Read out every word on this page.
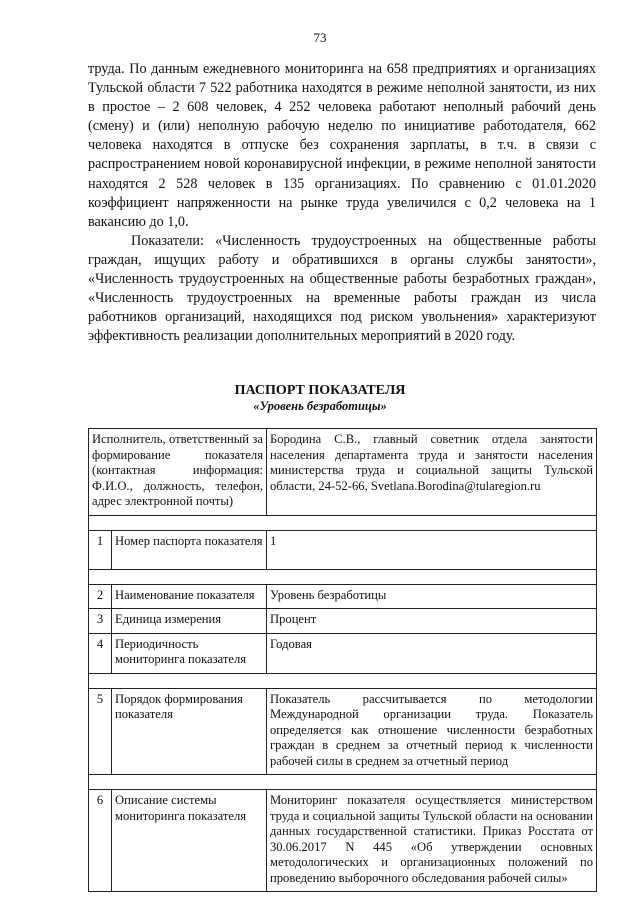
73

труда. По данным ежедневного мониторинга на 658 предприятиях и организациях Тульской области 7 522 работника находятся в режиме неполной занятости, из них в простое – 2 608 человек, 4 252 человека работают неполный рабочий день (смену) и (или) неполную рабочую неделю по инициативе работодателя, 662 человека находятся в отпуске без сохранения зарплаты, в т.ч. в связи с распространением новой коронавирусной инфекции, в режиме неполной занятости находятся 2 528 человек в 135 организациях. По сравнению с 01.01.2020 коэффициент напряженности на рынке труда увеличился с 0,2 человека на 1 вакансию до 1,0.

Показатели: «Численность трудоустроенных на общественные работы граждан, ищущих работу и обратившихся в органы службы занятости», «Численность трудоустроенных на общественные работы безработных граждан», «Численность трудоустроенных на временные работы граждан из числа работников организаций, находящихся под риском увольнения» характеризуют эффективность реализации дополнительных мероприятий в 2020 году.

ПАСПОРТ ПОКАЗАТЕЛЯ
«Уровень безработицы»
Исполнитель, ответственный за формирование показателя (контактная информация: Ф.И.О., должность, телефон, адрес электронной почты)		Бородина С.В., главный советник отдела занятости населения департамента труда и занятости населения министерства труда и социальной защиты Тульской области, 24-52-66, Svetlana.Borodina@tularegion.ru

1	Номер паспорта показателя	1

2	Наименование показателя	Уровень безработицы
3	Единица измерения	Процент
4	Периодичность мониторинга показателя	Годовая

5	Порядок формирования показателя	Показатель рассчитывается по методологии Международной организации труда. Показатель определяется как отношение численности безработных граждан в среднем за отчетный период к численности рабочей силы в среднем за отчетный период

6	Описание системы мониторинга показателя	Мониторинг показателя осуществляется министерством труда и социальной защиты Тульской области на основании данных государственной статистики. Приказ Росстата от 30.06.2017 N 445 «Об утверждении основных методологических и организационных положений по проведению выборочного обследования рабочей силы»
